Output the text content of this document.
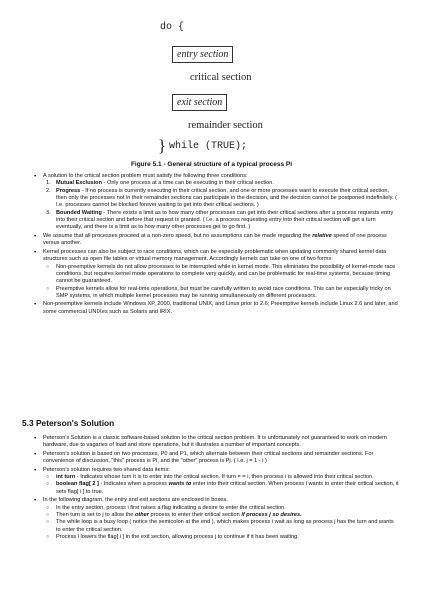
do {
entry section
critical section
exit section
remainder section
} while (TRUE);
Figure 5.1 - General structure of a typical process Pi
• A solution to the critical section problem must satisfy the following three conditions:
1. Mutual Exclusion - Only one process at a time can be executing in their critical section.
2. Progress - If no process is currently executing in their critical section, and one or more processes want to execute their critical section, then only the processes not in their remainder sections can participate in the decision, and the decision cannot be postponed indefinitely. ( I.e. processes cannot be blocked forever waiting to get into their critical sections. )
3. Bounded Waiting - There exists a limit as to how many other processes can get into their critical sections after a process requests entry into their critical section and before that request is granted. ( I.e. a process requesting entry into their critical section will get a turn eventually, and there is a limit as to how many other processes get to go first. )
• We assume that all processes proceed at a non-zero speed, but no assumptions can be made regarding the relative speed of one process versus another.
• Kernel processes can also be subject to race conditions, which can be especially problematic when updating commonly shared kernel data structures such as open file tables or virtual memory management. Accordingly kernels can take on one of two forms:
○ Non-preemptive kernels do not allow processes to be interrupted while in kernel mode. This eliminates the possibility of kernel-mode race conditions, but requires kernel mode operations to complete very quickly, and can be problematic for real-time systems, because timing cannot be guaranteed.
○ Preemptive kernels allow for real-time operations, but must be carefully written to avoid race conditions. This can be especially tricky on SMP systems, in which multiple kernel processes may be running simultaneously on different processors.
• Non-preemptive kernels include Windows XP, 2000, traditional UNIX, and Linux prior to 2.6; Preemptive kernels include Linux 2.6 and later, and some commercial UNIXes such as Solaris and IRIX.
5.3 Peterson's Solution
• Peterson's Solution is a classic software-based solution to the critical section problem. It is unfortunately not guaranteed to work on modern hardware, due to vagaries of load and store operations, but it illustrates a number of important concepts.
• Peterson's solution is based on two processes, P0 and P1, which alternate between their critical sections and remainder sections. For convenience of discussion, "this" process is Pi, and the "other" process is Pj. ( I.e. j = 1 - i )
• Peterson's solution requires two shared data items:
○ int turn - Indicates whose turn it is to enter into the critical section. If turn = = i, then process i is allowed into their critical section.
○ boolean flag[ 2 ] - Indicates when a process wants to enter into their critical section. When process i wants to enter their critical section, it sets flag[ i ] to true.
• In the following diagram, the entry and exit sections are enclosed in boxes.
○ In the entry section, process i first raises a flag indicating a desire to enter the critical section.
○ Then turn is set to j to allow the other process to enter their critical section if process j so desires.
○ The while loop is a busy loop ( notice the semicolon at the end ), which makes process i wait as long as process j has the turn and wants to enter the critical section.
○ Process i lowers the flag[ i ] in the exit section, allowing process j to continue if it has been waiting.
